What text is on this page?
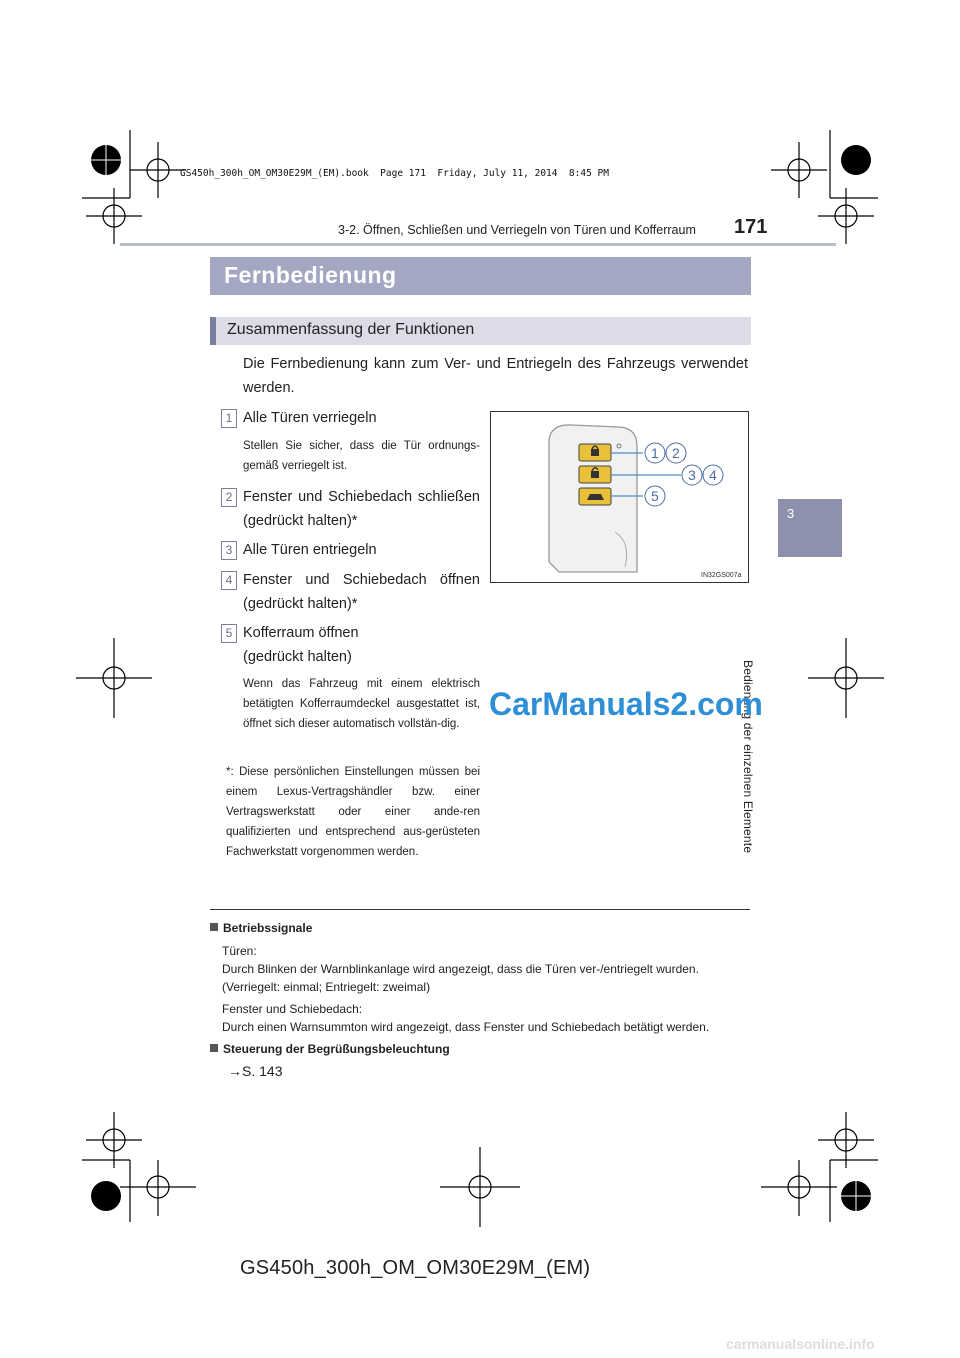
GS450h_300h_OM_OM30E29M_(EM).book  Page 171  Friday, July 11, 2014  8:45 PM
3-2. Öffnen, Schließen und Verriegeln von Türen und Kofferraum 171
3
Bedienung der einzelnen Elemente
Fernbedienung
Zusammenfassung der Funktionen
Die Fernbedienung kann zum Ver- und Entriegeln des Fahrzeugs verwendet werden.
1 Alle Türen verriegeln
Stellen Sie sicher, dass die Tür ordnungs-gemäß verriegelt ist.
2 Fenster und Schiebedach schließen (gedrückt halten)*
3 Alle Türen entriegeln
4 Fenster und Schiebedach öffnen (gedrückt halten)*
5 Kofferraum öffnen (gedrückt halten)
Wenn das Fahrzeug mit einem elektrisch betätigten Kofferraumdeckel ausgestattet ist, öffnet sich dieser automatisch vollstän-dig.
*: Diese persönlichen Einstellungen müssen bei einem Lexus-Vertragshändler bzw. einer Vertragswerkstatt oder einer ande-ren qualifizierten und entsprechend aus-gerüsteten Fachwerkstatt vorgenommen werden.
1 2
3 4
5
IN32GS007a
CarManuals2.com
Betriebssignale
Türen:
Durch Blinken der Warnblinkanlage wird angezeigt, dass die Türen ver-/entriegelt wurden. (Verriegelt: einmal; Entriegelt: zweimal)
Fenster und Schiebedach:
Durch einen Warnsummton wird angezeigt, dass Fenster und Schiebedach betätigt werden.
Steuerung der Begrüßungsbeleuchtung
→S. 143
GS450h_300h_OM_OM30E29M_(EM)
carmanualsonline.info
